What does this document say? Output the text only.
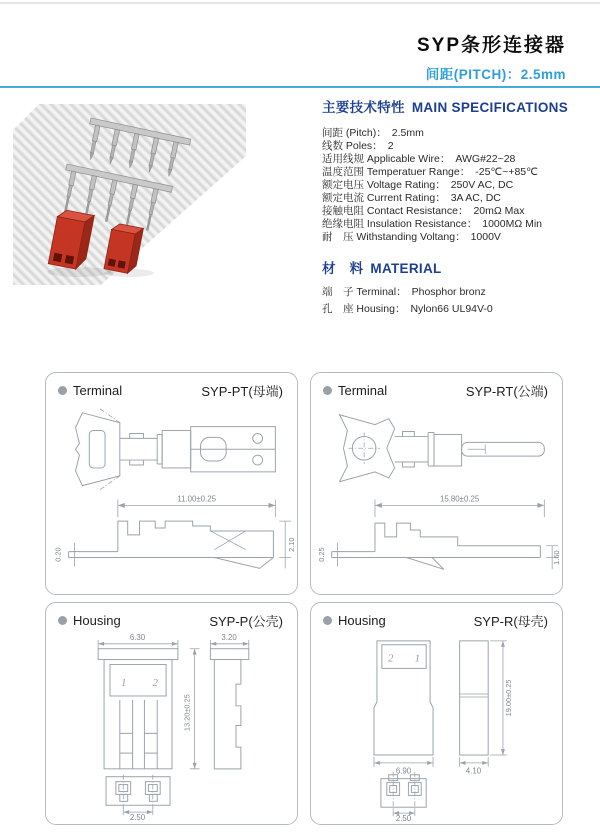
SYP条形连接器
间距(PITCH)：2.5mm
主要技术特性 MAIN SPECIFICATIONS
间距 (Pitch)： 2.5mm
线数 Poles： 2
适用线规 Applicable Wire： AWG#22~28
温度范围 Temperatuer Range： -25℃~+85℃
额定电压 Voltage Rating： 250V AC, DC
额定电流 Current Rating： 3A AC, DC
接触电阻 Contact Resistance： 20mΩ Max
绝缘电阻 Insulation Resistance： 1000MΩ Min
耐　压 Withstanding Voltang： 1000V
材　料 MATERIAL
端　子 Terminal： Phosphor bronz
孔　座 Housing： Nylon66 UL94V-0
Terminal	SYP-PT(母端)
11.00±0.25
0.20
2.10
Terminal	SYP-RT(公端)
15.80±0.25
0.25	1.60
Housing	SYP-P(公壳)
6.30	3.20
13.20±0.25
2.50
1 2
Housing	SYP-R(母壳)
6.90	4.10
19.00±0.25
2.50
2 1
